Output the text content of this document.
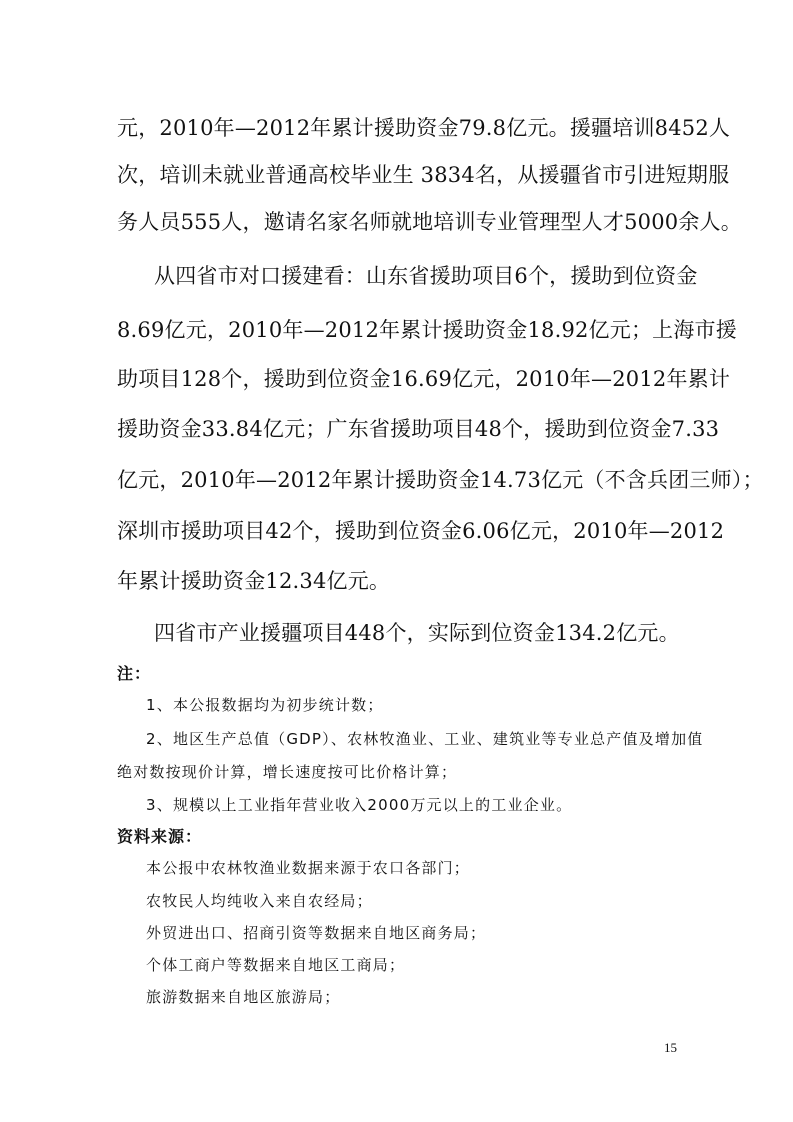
元，2010年—2012年累计援助资金79.8亿元。援疆培训8452人
次，培训未就业普通高校毕业生 3834名，从援疆省市引进短期服
务人员555人，邀请名家名师就地培训专业管理型人才5000余人。
从四省市对口援建看：山东省援助项目6个，援助到位资金
8.69亿元，2010年—2012年累计援助资金18.92亿元；上海市援
助项目128个，援助到位资金16.69亿元，2010年—2012年累计
援助资金33.84亿元；广东省援助项目48个，援助到位资金7.33
亿元，2010年—2012年累计援助资金14.73亿元（不含兵团三师）；
深圳市援助项目42个，援助到位资金6.06亿元，2010年—2012
年累计援助资金12.34亿元。
四省市产业援疆项目448个，实际到位资金134.2亿元。
注：
1、本公报数据均为初步统计数；
2、地区生产总值（GDP）、农林牧渔业、工业、建筑业等专业总产值及增加值
绝对数按现价计算，增长速度按可比价格计算；
3、规模以上工业指年营业收入2000万元以上的工业企业。
资料来源：
本公报中农林牧渔业数据来源于农口各部门；
农牧民人均纯收入来自农经局；
外贸进出口、招商引资等数据来自地区商务局；
个体工商户等数据来自地区工商局；
旅游数据来自地区旅游局；
15
